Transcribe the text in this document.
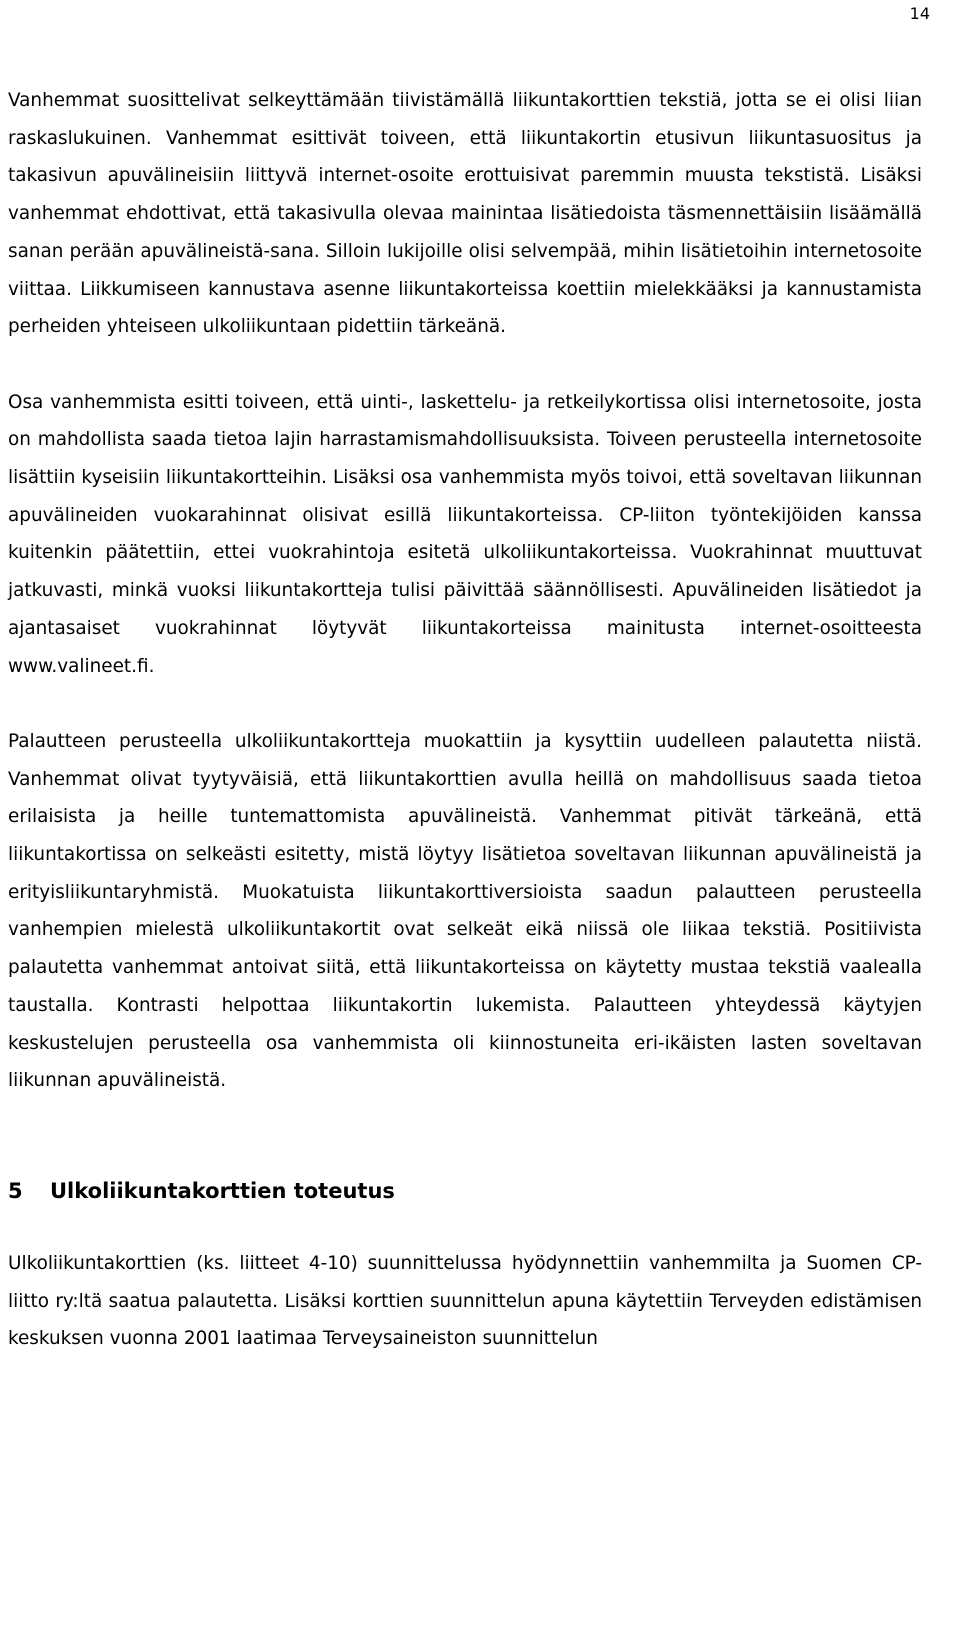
14

Vanhemmat suosittelivat selkeyttämään tiivistämällä liikuntakorttien tekstiä, jotta se ei olisi liian raskaslukuinen. Vanhemmat esittivät toiveen, että liikuntakortin etusivun liikuntasuositus ja takasivun apuvälineisiin liittyvä internet-osoite erottuisivat paremmin muusta tekstistä. Lisäksi vanhemmat ehdottivat, että takasivulla olevaa mainintaa lisätiedoista täsmennettäisiin lisäämällä sanan perään apuvälineistä-sana. Silloin lukijoille olisi selvempää, mihin lisätietoihin internetosoite viittaa. Liikkumiseen kannustava asenne liikuntakorteissa koettiin mielekkääksi ja kannustamista perheiden yhteiseen ulkoliikuntaan pidettiin tärkeänä.

Osa vanhemmista esitti toiveen, että uinti-, laskettelu- ja retkeilykortissa olisi internetosoite, josta on mahdollista saada tietoa lajin harrastamismahdollisuuksista. Toiveen perusteella internetosoite lisättiin kyseisiin liikuntakortteihin. Lisäksi osa vanhemmista myös toivoi, että soveltavan liikunnan apuvälineiden vuokarahinnat olisivat esillä liikuntakorteissa. CP-liiton työntekijöiden kanssa kuitenkin päätettiin, ettei vuokrahintoja esitetä ulkoliikuntakorteissa. Vuokrahinnat muuttuvat jatkuvasti, minkä vuoksi liikuntakortteja tulisi päivittää säännöllisesti. Apuvälineiden lisätiedot ja ajantasaiset vuokrahinnat löytyvät liikuntakorteissa mainitusta internet-osoitteesta www.valineet.fi.

Palautteen perusteella ulkoliikuntakortteja muokattiin ja kysyttiin uudelleen palautetta niistä. Vanhemmat olivat tyytyväisiä, että liikuntakorttien avulla heillä on mahdollisuus saada tietoa erilaisista ja heille tuntemattomista apuvälineistä. Vanhemmat pitivät tärkeänä, että liikuntakortissa on selkeästi esitetty, mistä löytyy lisätietoa soveltavan liikunnan apuvälineistä ja erityisliikuntaryhmistä. Muokatuista liikuntakorttiversioista saadun palautteen perusteella vanhempien mielestä ulkoliikuntakortit ovat selkeät eikä niissä ole liikaa tekstiä. Positiivista palautetta vanhemmat antoivat siitä, että liikuntakorteissa on käytetty mustaa tekstiä vaalealla taustalla. Kontrasti helpottaa liikuntakortin lukemista. Palautteen yhteydessä käytyjen keskustelujen perusteella osa vanhemmista oli kiinnostuneita eri-ikäisten lasten soveltavan liikunnan apuvälineistä.

5 Ulkoliikuntakorttien toteutus

Ulkoliikuntakorttien (ks. liitteet 4-10) suunnittelussa hyödynnettiin vanhemmilta ja Suomen CP-liitto ry:ltä saatua palautetta. Lisäksi korttien suunnittelun apuna käytettiin Terveyden edistämisen keskuksen vuonna 2001 laatimaa Terveysaineiston suunnittelun
